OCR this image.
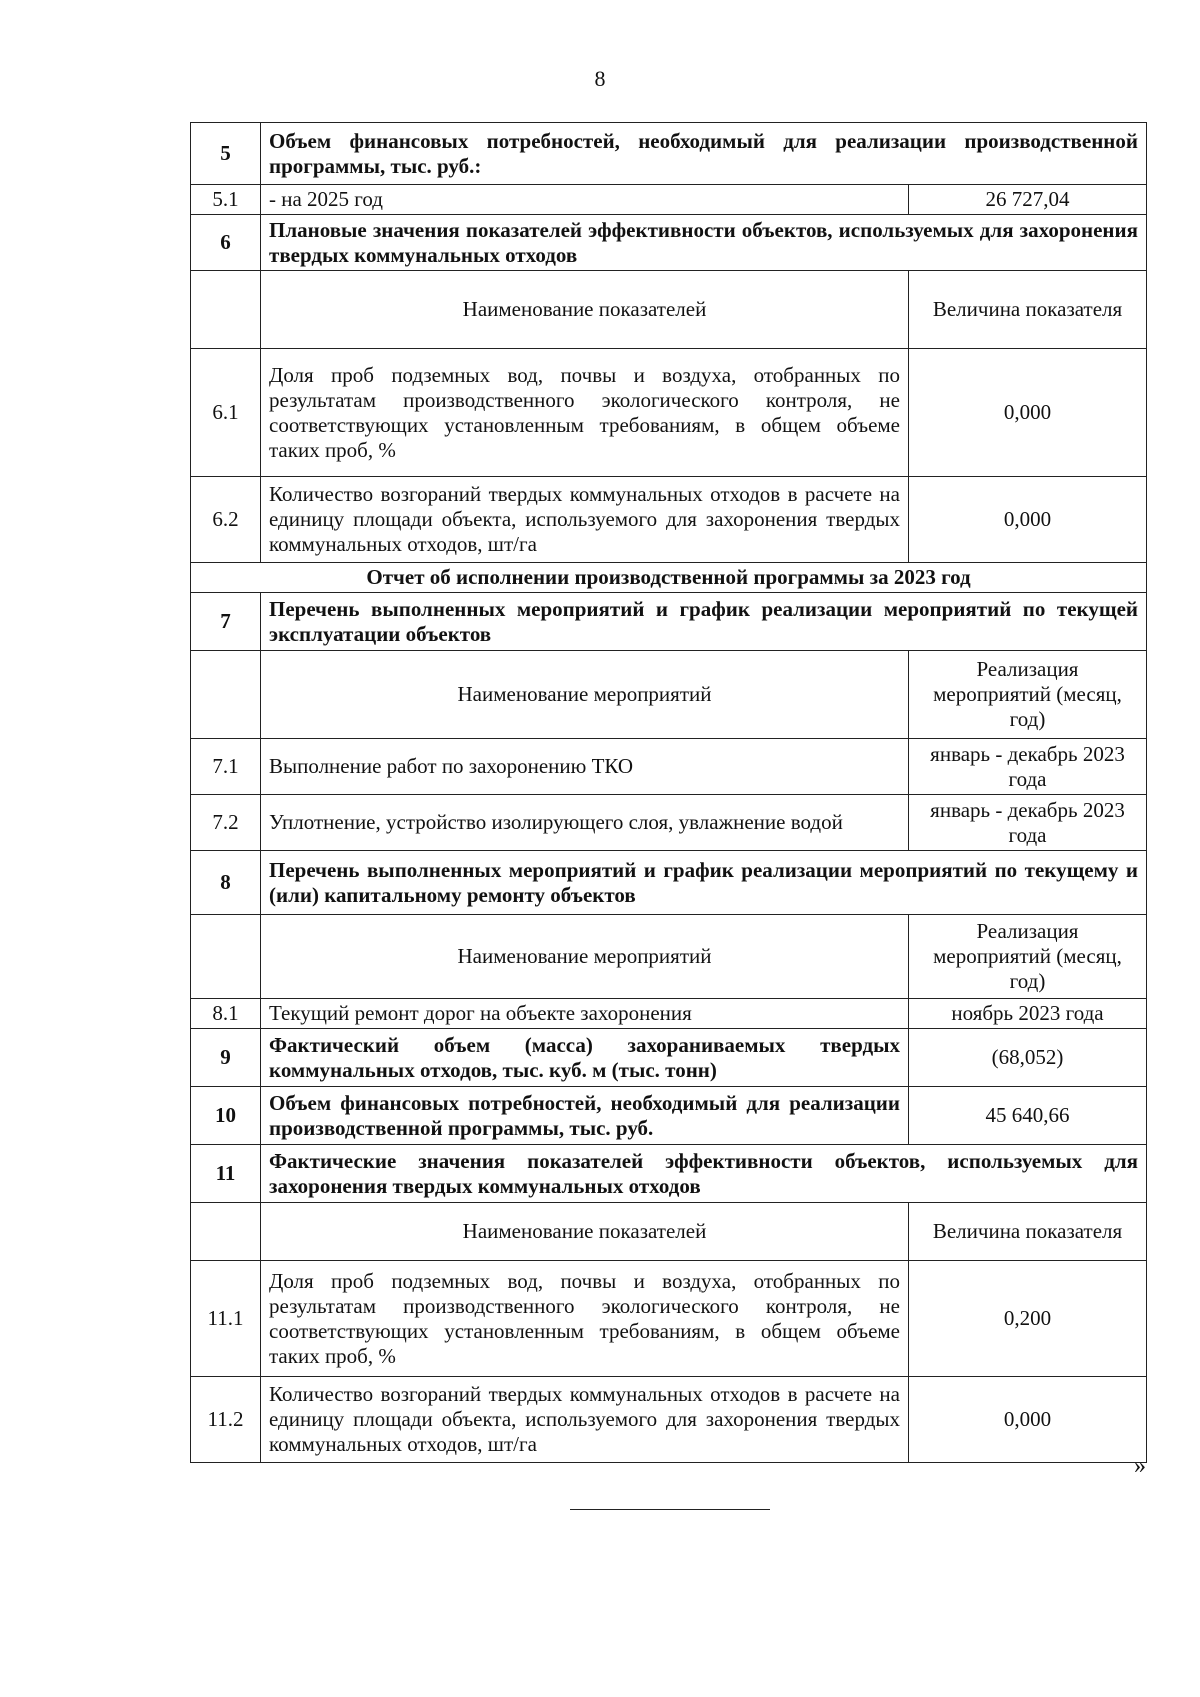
8
5	Объем финансовых потребностей, необходимый для реализации производственной программы, тыс. руб.:	
5.1	- на 2025 год	26 727,04
6	Плановые значения показателей эффективности объектов, используемых для захоронения твердых коммунальных отходов	
	Наименование показателей	Величина показателя
6.1	Доля проб подземных вод, почвы и воздуха, отобранных по результатам производственного экологического контроля, не соответствующих установленным требованиям, в общем объеме таких проб, %	0,000
6.2	Количество возгораний твердых коммунальных отходов в расчете на единицу площади объекта, используемого для захоронения твердых коммунальных отходов, шт/га	0,000
Отчет об исполнении производственной программы за 2023 год		
7	Перечень выполненных мероприятий и график реализации мероприятий по текущей эксплуатации объектов	
	Наименование мероприятий	Реализация мероприятий (месяц, год)
7.1	Выполнение работ по захоронению ТКО	январь - декабрь 2023 года
7.2	Уплотнение, устройство изолирующего слоя, увлажнение водой	январь - декабрь 2023 года
8	Перечень выполненных мероприятий и график реализации мероприятий по текущему и (или) капитальному ремонту объектов	
	Наименование мероприятий	Реализация мероприятий (месяц, год)
8.1	Текущий ремонт дорог на объекте захоронения	ноябрь 2023 года
9	Фактический объем (масса) захораниваемых твердых коммунальных отходов, тыс. куб. м (тыс. тонн)	(68,052)
10	Объем финансовых потребностей, необходимый для реализации производственной программы, тыс. руб.	45 640,66
11	Фактические значения показателей эффективности объектов, используемых для захоронения твердых коммунальных отходов	
	Наименование показателей	Величина показателя
11.1	Доля проб подземных вод, почвы и воздуха, отобранных по результатам производственного экологического контроля, не соответствующих установленным требованиям, в общем объеме таких проб, %	0,200
11.2	Количество возгораний твердых коммунальных отходов в расчете на единицу площади объекта, используемого для захоронения твердых коммунальных отходов, шт/га	0,000
»
